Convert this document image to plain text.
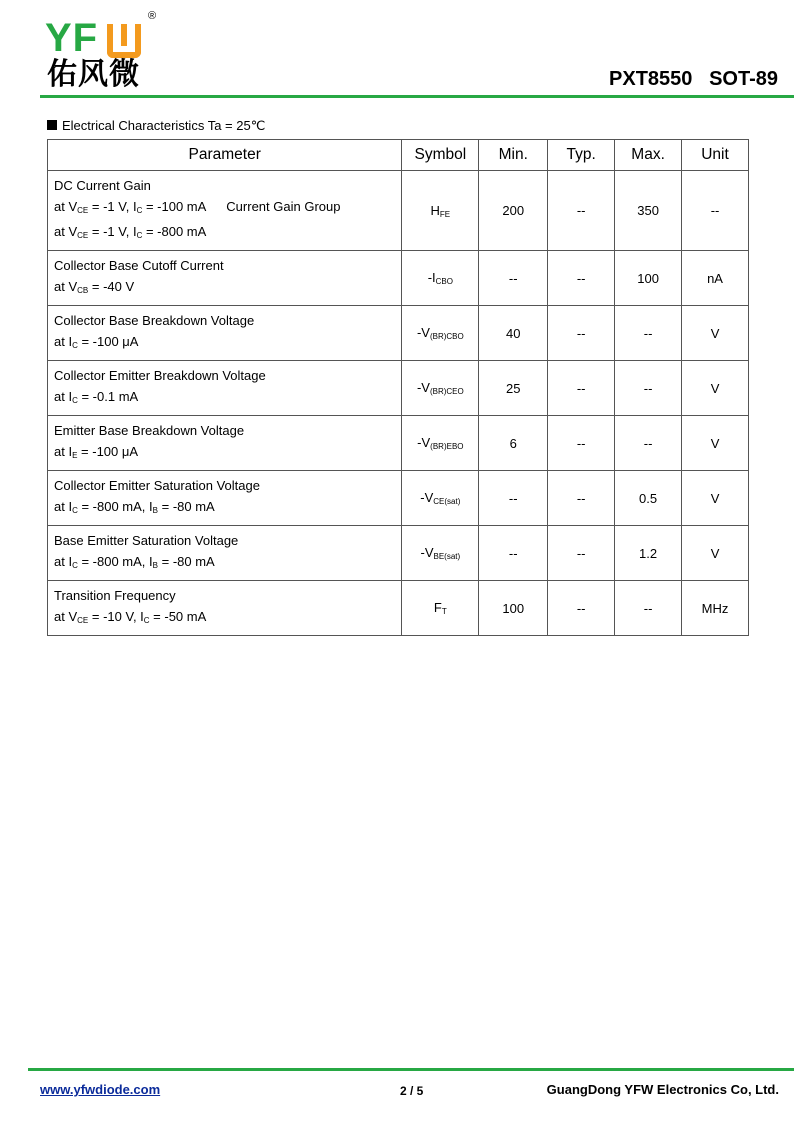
YF	®
佑风微	PXT8550   SOT-89
Electrical Characteristics Ta = 25℃
Parameter	Symbol	Min.	Typ.	Max.	Unit

DC Current Gain
at $V_{CE} = -1$ V, $I_C = -100$ mA Current Gain Group
at $V_{CE} = -1$ V, $I_C = -800$ mA	$H_{FE}$	200	--	350	--

Collector Base Cutoff Current
at $V_{CB} = -40$ V	$-I_{CBO}$	--	--	100	nA

Collector Base Breakdown Voltage
at $I_C = -100$ μA	$-V_{(BR)CBO}$	40	--	--	V

Collector Emitter Breakdown Voltage
at $I_C = -0.1$ mA	$-V_{(BR)CEO}$	25	--	--	V

Emitter Base Breakdown Voltage
at $I_E = -100$ μA	$-V_{(BR)EBO}$	6	--	--	V

Collector Emitter Saturation Voltage
at $I_C = -800$ mA, $I_B = -80$ mA	$-V_{CE(sat)}$	--	--	0.5	V

Base Emitter Saturation Voltage
at $I_C = -800$ mA, $I_B = -80$ mA	$-V_{BE(sat)}$	--	--	1.2	V

Transition Frequency
at $V_{CE} = -10$ V, $I_C = -50$ mA	$F_T$	100	--	--	MHz
www.yfwdiode.com	2 / 5	GuangDong YFW Electronics Co, Ltd.
